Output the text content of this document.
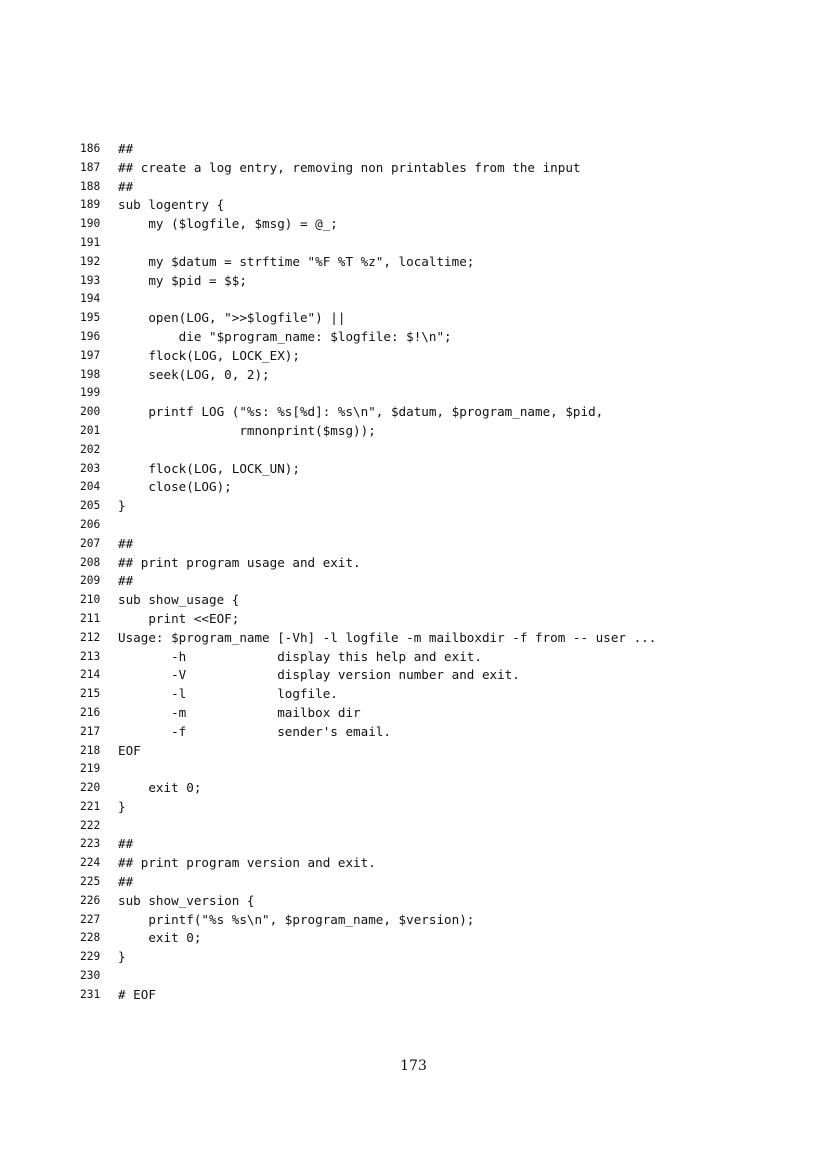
186	##
187	## create a log entry, removing non printables from the input
188	##
189	sub logentry {
190	my ($logfile, $msg) = @_;
191
192	my $datum = strftime "%F %T %z", localtime;
193	my $pid = $$;
194
195	open(LOG, ">>$logfile") ||
196	die "$program_name: $logfile: $!\n";
197	flock(LOG, LOCK_EX);
198	seek(LOG, 0, 2);
199
200	printf LOG ("%s: %s[%d]: %s\n", $datum, $program_name, $pid,
201	rmnonprint($msg));
202
203	flock(LOG, LOCK_UN);
204	close(LOG);
205	}
206
207	##
208	## print program usage and exit.
209	##
210	sub show_usage {
211	print <<EOF;
212	Usage: $program_name [-Vh] -l logfile -m mailboxdir -f from -- user ...
213	-h            display this help and exit.
214	-V            display version number and exit.
215	-l            logfile.
216	-m            mailbox dir
217	-f            sender's email.
218	EOF
219
220	exit 0;
221	}
222
223	##
224	## print program version and exit.
225	##
226	sub show_version {
227	printf("%s %s\n", $program_name, $version);
228	exit 0;
229	}
230
231	# EOF
173
